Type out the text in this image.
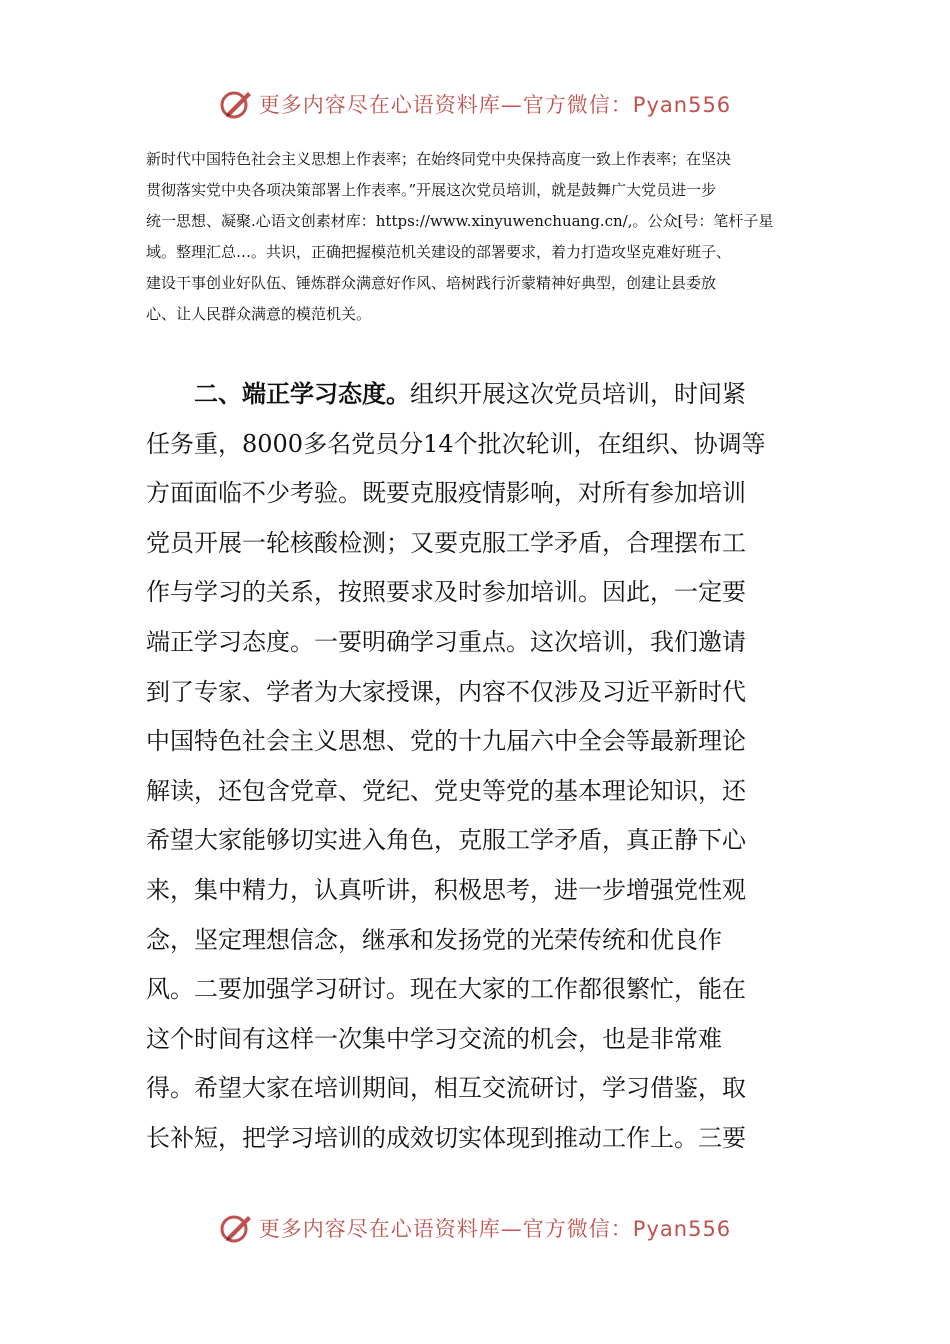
更多内容尽在心语资料库—官方微信：Pyan556
新时代中国特色社会主义思想上作表率；在始终同党中央保持高度一致上作表率；在坚决
贯彻落实党中央各项决策部署上作表率。”开展这次党员培训，就是鼓舞广大党员进一步
统一思想、凝聚.心语文创素材库：https://www.xinyuwenchuang.cn/,。公众[号：笔杆子星
域。整理汇总…。共识，正确把握模范机关建设的部署要求，着力打造攻坚克难好班子、
建设干事创业好队伍、锤炼群众满意好作风、培树践行沂蒙精神好典型，创建让县委放
心、让人民群众满意的模范机关。
二、端正学习态度。组织开展这次党员培训，时间紧
任务重，8000多名党员分14个批次轮训，在组织、协调等
方面面临不少考验。既要克服疫情影响，对所有参加培训
党员开展一轮核酸检测；又要克服工学矛盾，合理摆布工
作与学习的关系，按照要求及时参加培训。因此，一定要
端正学习态度。一要明确学习重点。这次培训，我们邀请
到了专家、学者为大家授课，内容不仅涉及习近平新时代
中国特色社会主义思想、党的十九届六中全会等最新理论
解读，还包含党章、党纪、党史等党的基本理论知识，还
希望大家能够切实进入角色，克服工学矛盾，真正静下心
来，集中精力，认真听讲，积极思考，进一步增强党性观
念，坚定理想信念，继承和发扬党的光荣传统和优良作
风。二要加强学习研讨。现在大家的工作都很繁忙，能在
这个时间有这样一次集中学习交流的机会，也是非常难
得。希望大家在培训期间，相互交流研讨，学习借鉴，取
长补短，把学习培训的成效切实体现到推动工作上。三要
更多内容尽在心语资料库—官方微信：Pyan556
